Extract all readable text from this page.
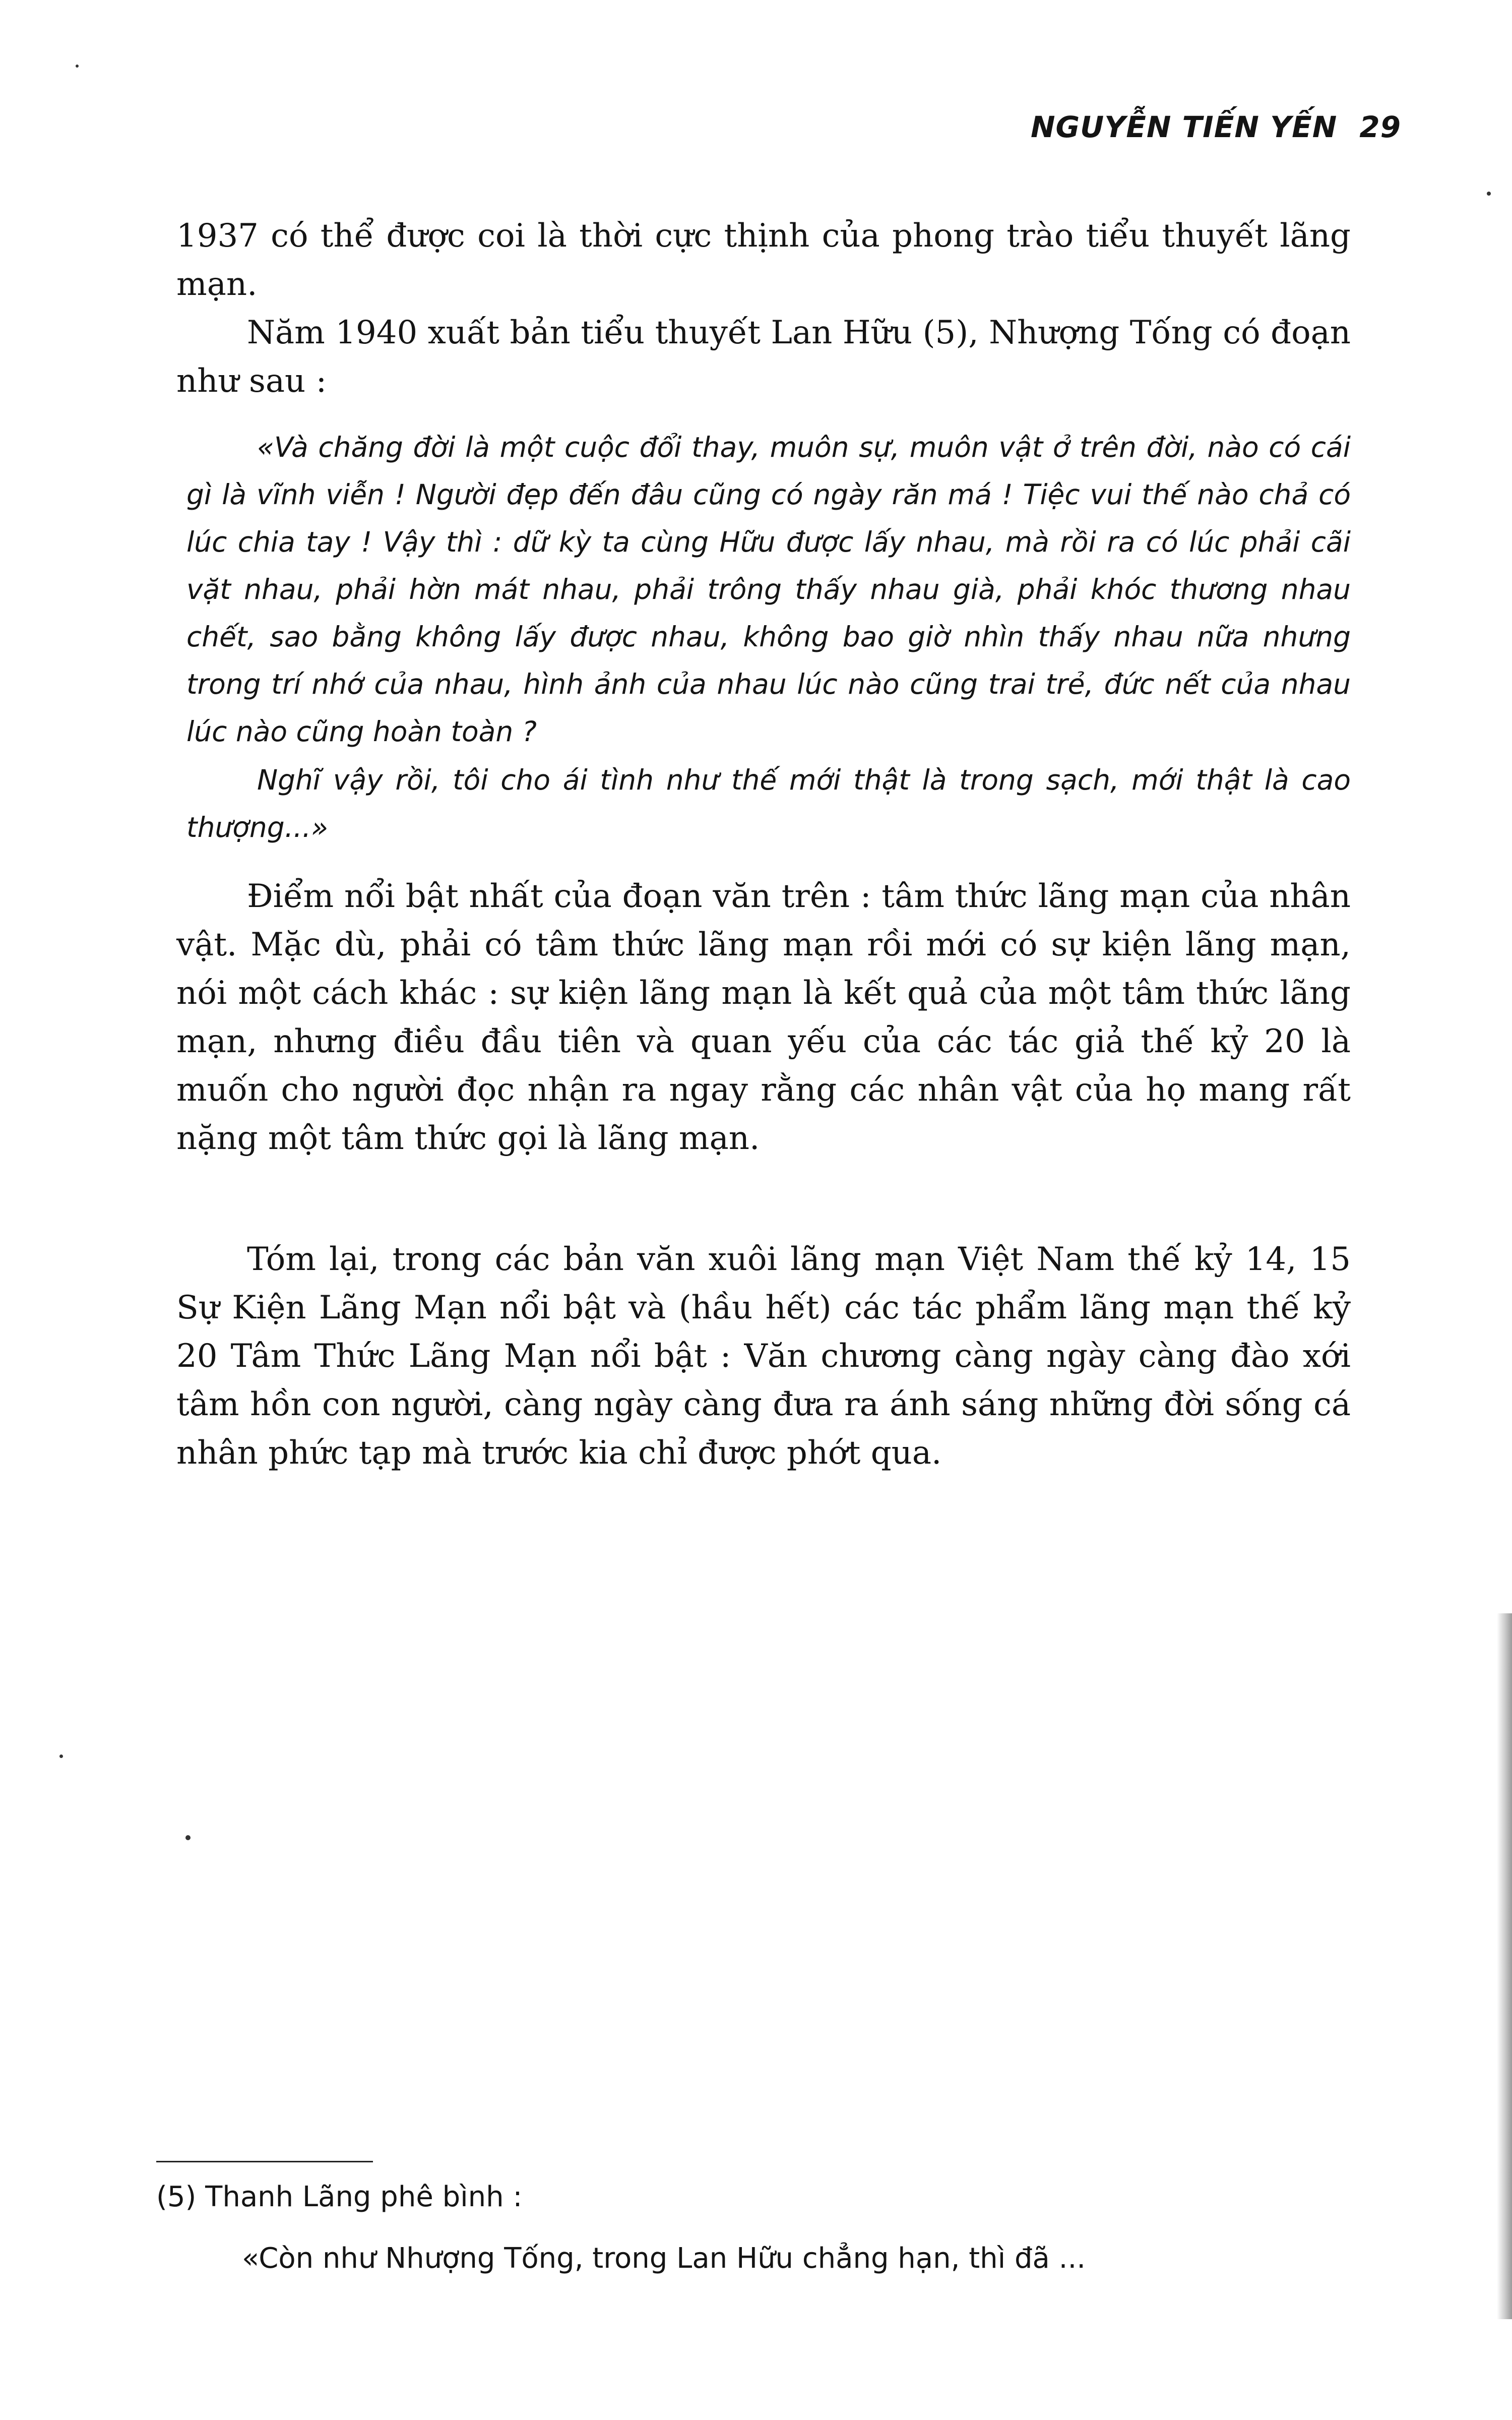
NGUYỄN TIẾN YẾN 29

1937 có thể được coi là thời cực thịnh của phong trào tiểu thuyết lãng mạn.

Năm 1940 xuất bản tiểu thuyết Lan Hữu (5), Nhượng Tống có đoạn như sau :

«Và chăng đời là một cuộc đổi thay, muôn sự, muôn vật ở trên đời, nào có cái gì là vĩnh viễn ! Người đẹp đến đâu cũng có ngày răn má ! Tiệc vui thế nào chả có lúc chia tay ! Vậy thì : dữ kỳ ta cùng Hữu được lấy nhau, mà rồi ra có lúc phải cãi vặt nhau, phải hờn mát nhau, phải trông thấy nhau già, phải khóc thương nhau chết, sao bằng không lấy được nhau, không bao giờ nhìn thấy nhau nữa nhưng trong trí nhớ của nhau, hình ảnh của nhau lúc nào cũng trai trẻ, đức nết của nhau lúc nào cũng hoàn toàn ?

Nghĩ vậy rồi, tôi cho ái tình như thế mới thật là trong sạch, mới thật là cao thượng...»

Điểm nổi bật nhất của đoạn văn trên : tâm thức lãng mạn của nhân vật. Mặc dù, phải có tâm thức lãng mạn rồi mới có sự kiện lãng mạn, nói một cách khác : sự kiện lãng mạn là kết quả của một tâm thức lãng mạn, nhưng điều đầu tiên và quan yếu của các tác giả thế kỷ 20 là muốn cho người đọc nhận ra ngay rằng các nhân vật của họ mang rất nặng một tâm thức gọi là lãng mạn.

Tóm lại, trong các bản văn xuôi lãng mạn Việt Nam thế kỷ 14, 15 Sự Kiện Lãng Mạn nổi bật và (hầu hết) các tác phẩm lãng mạn thế kỷ 20 Tâm Thức Lãng Mạn nổi bật : Văn chương càng ngày càng đào xới tâm hồn con người, càng ngày càng đưa ra ánh sáng những đời sống cá nhân phức tạp mà trước kia chỉ được phớt qua.

(5) Thanh Lãng phê bình :

«Còn như Nhượng Tống, trong Lan Hữu chẳng hạn, thì đã ...
